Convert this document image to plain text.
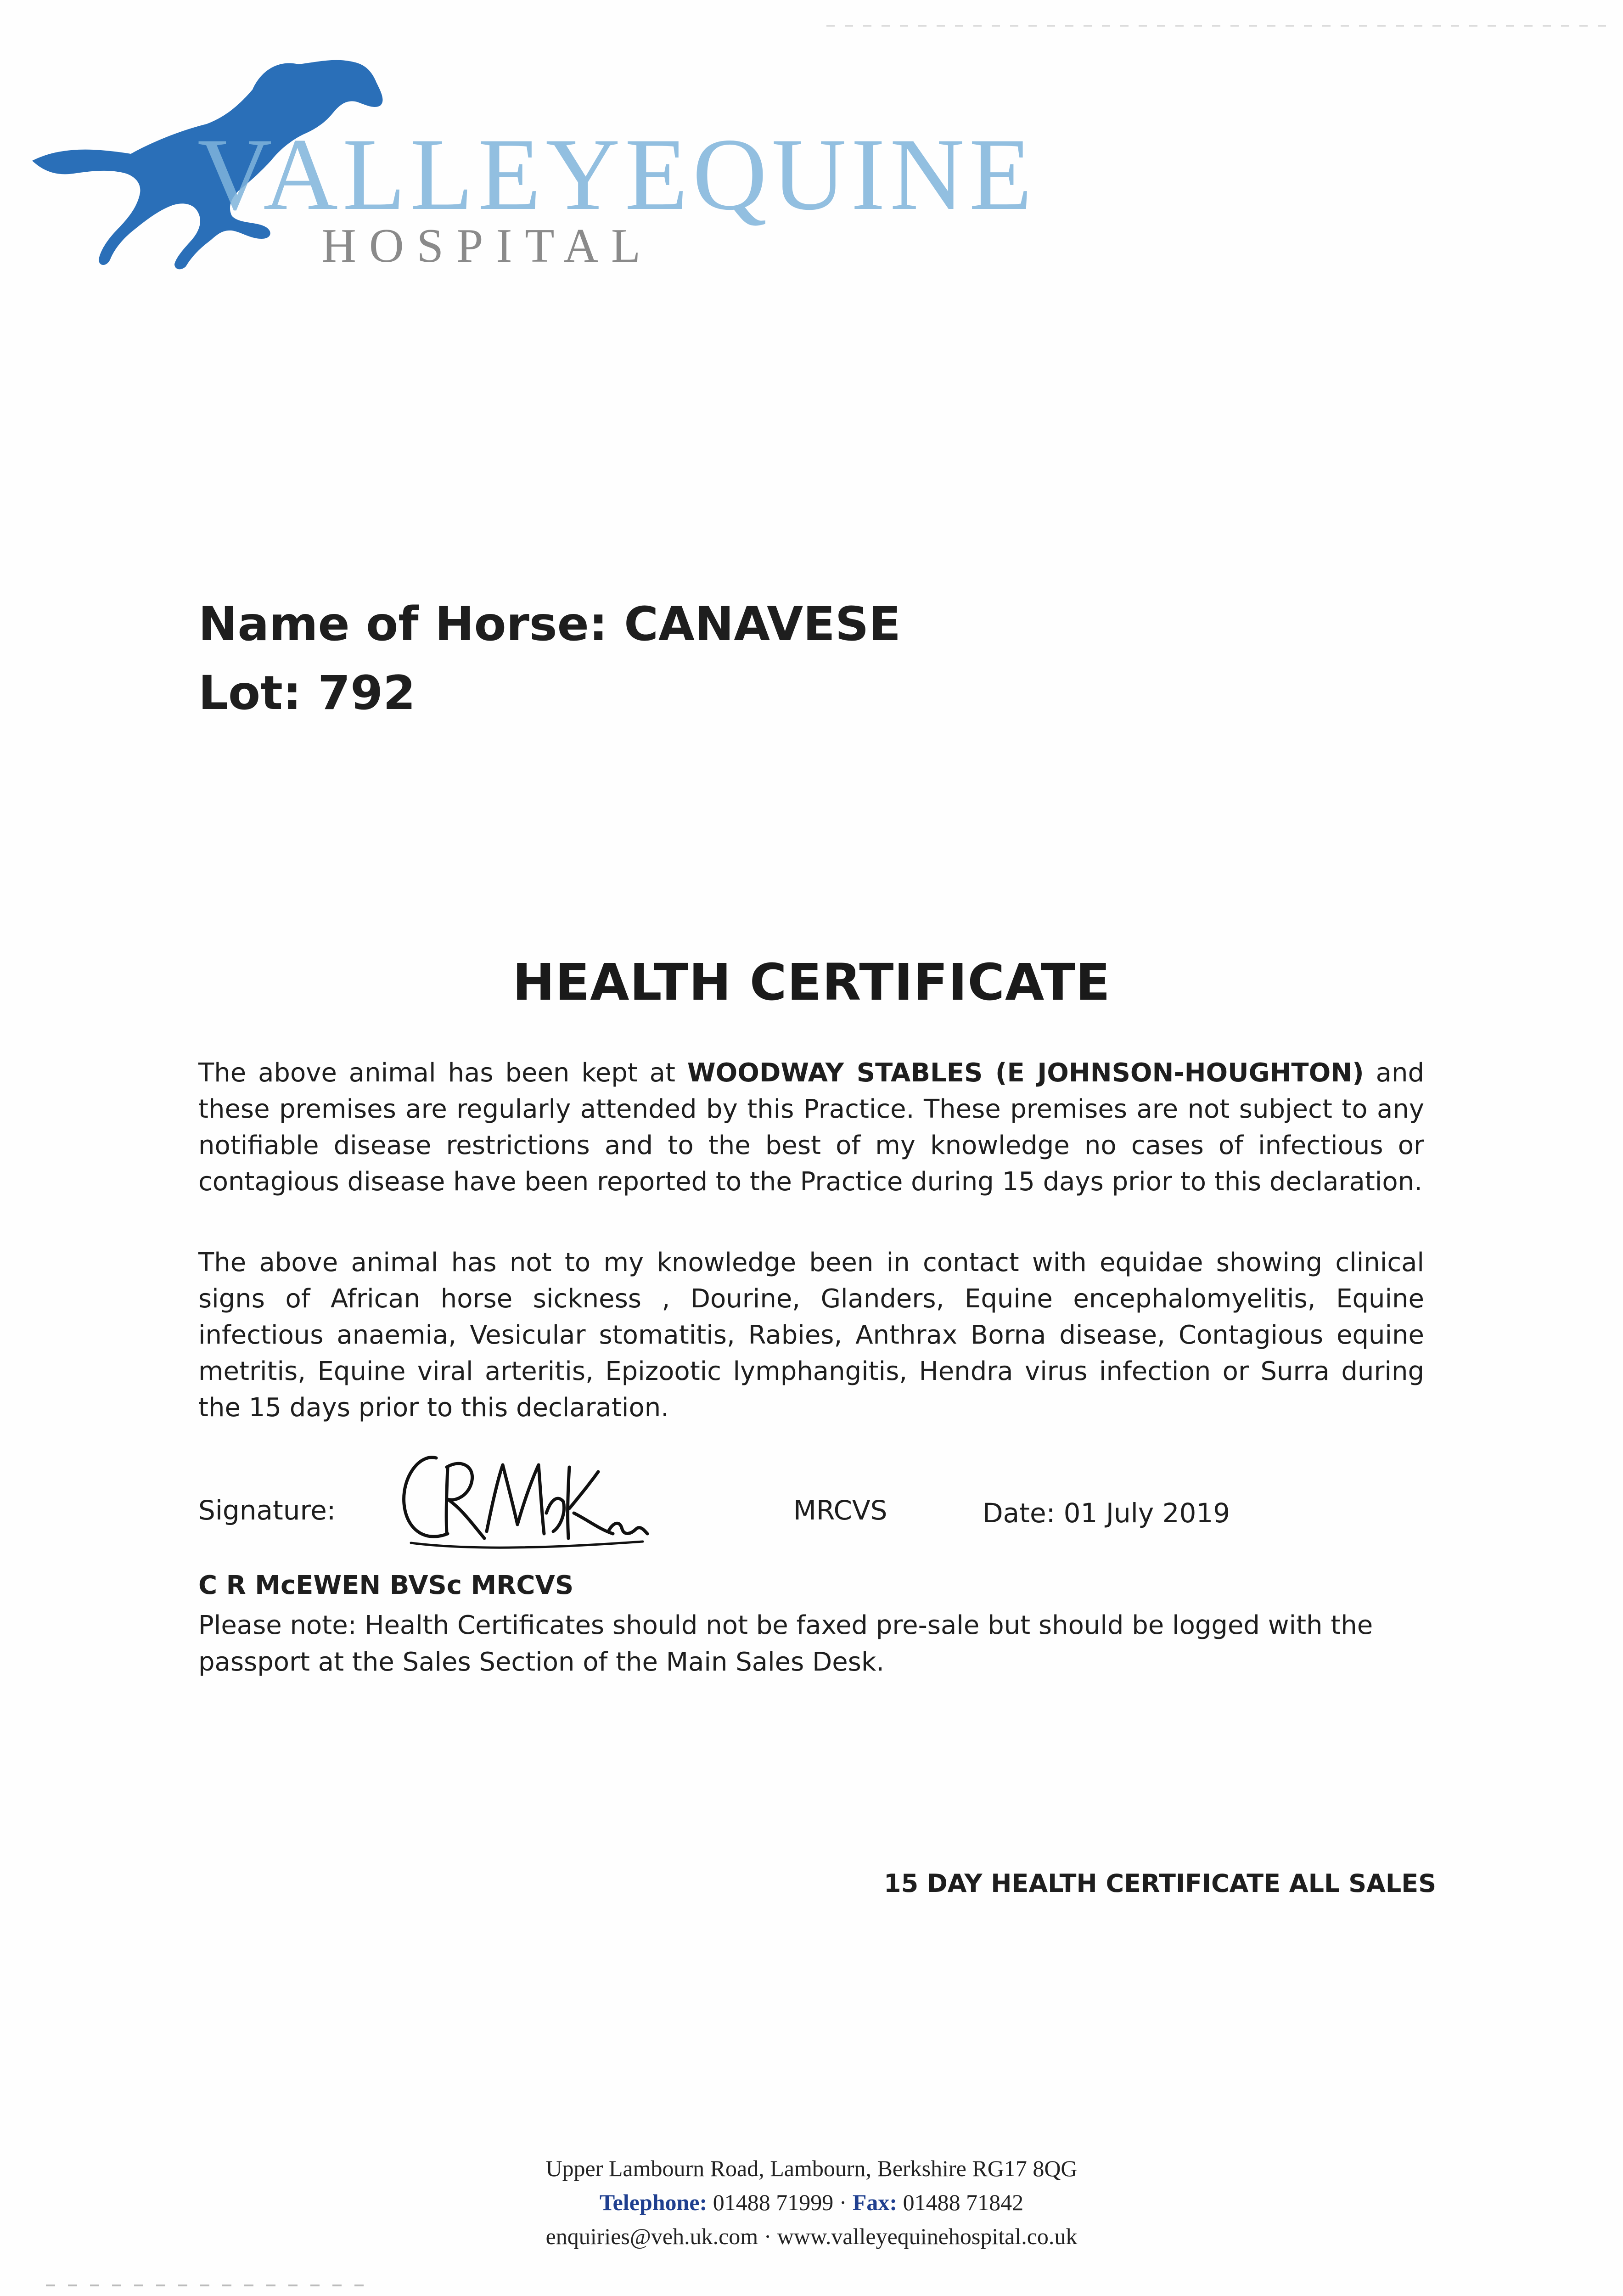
VALLEYEQUINE
HOSPITAL
Name of Horse: CANAVESE
Lot: 792
HEALTH CERTIFICATE
The above animal has been kept at WOODWAY STABLES (E JOHNSON-HOUGHTON) and these premises are regularly attended by this Practice. These premises are not subject to any notifiable disease restrictions and to the best of my knowledge no cases of infectious or contagious disease have been reported to the Practice during 15 days prior to this declaration.
The above animal has not to my knowledge been in contact with equidae showing clinical signs of African horse sickness , Dourine, Glanders, Equine encephalomyelitis, Equine infectious anaemia, Vesicular stomatitis, Rabies, Anthrax Borna disease, Contagious equine metritis, Equine viral arteritis, Epizootic lymphangitis, Hendra virus infection or Surra during the 15 days prior to this declaration.
Signature:	MRCVS	Date: 01 July 2019
C R McEWEN BVSc MRCVS
Please note: Health Certificates should not be faxed pre-sale but should be logged with the passport at the Sales Section of the Main Sales Desk.
15 DAY HEALTH CERTIFICATE ALL SALES
Upper Lambourn Road, Lambourn, Berkshire RG17 8QG
Telephone: 01488 71999 · Fax: 01488 71842
enquiries@veh.uk.com · www.valleyequinehospital.co.uk
